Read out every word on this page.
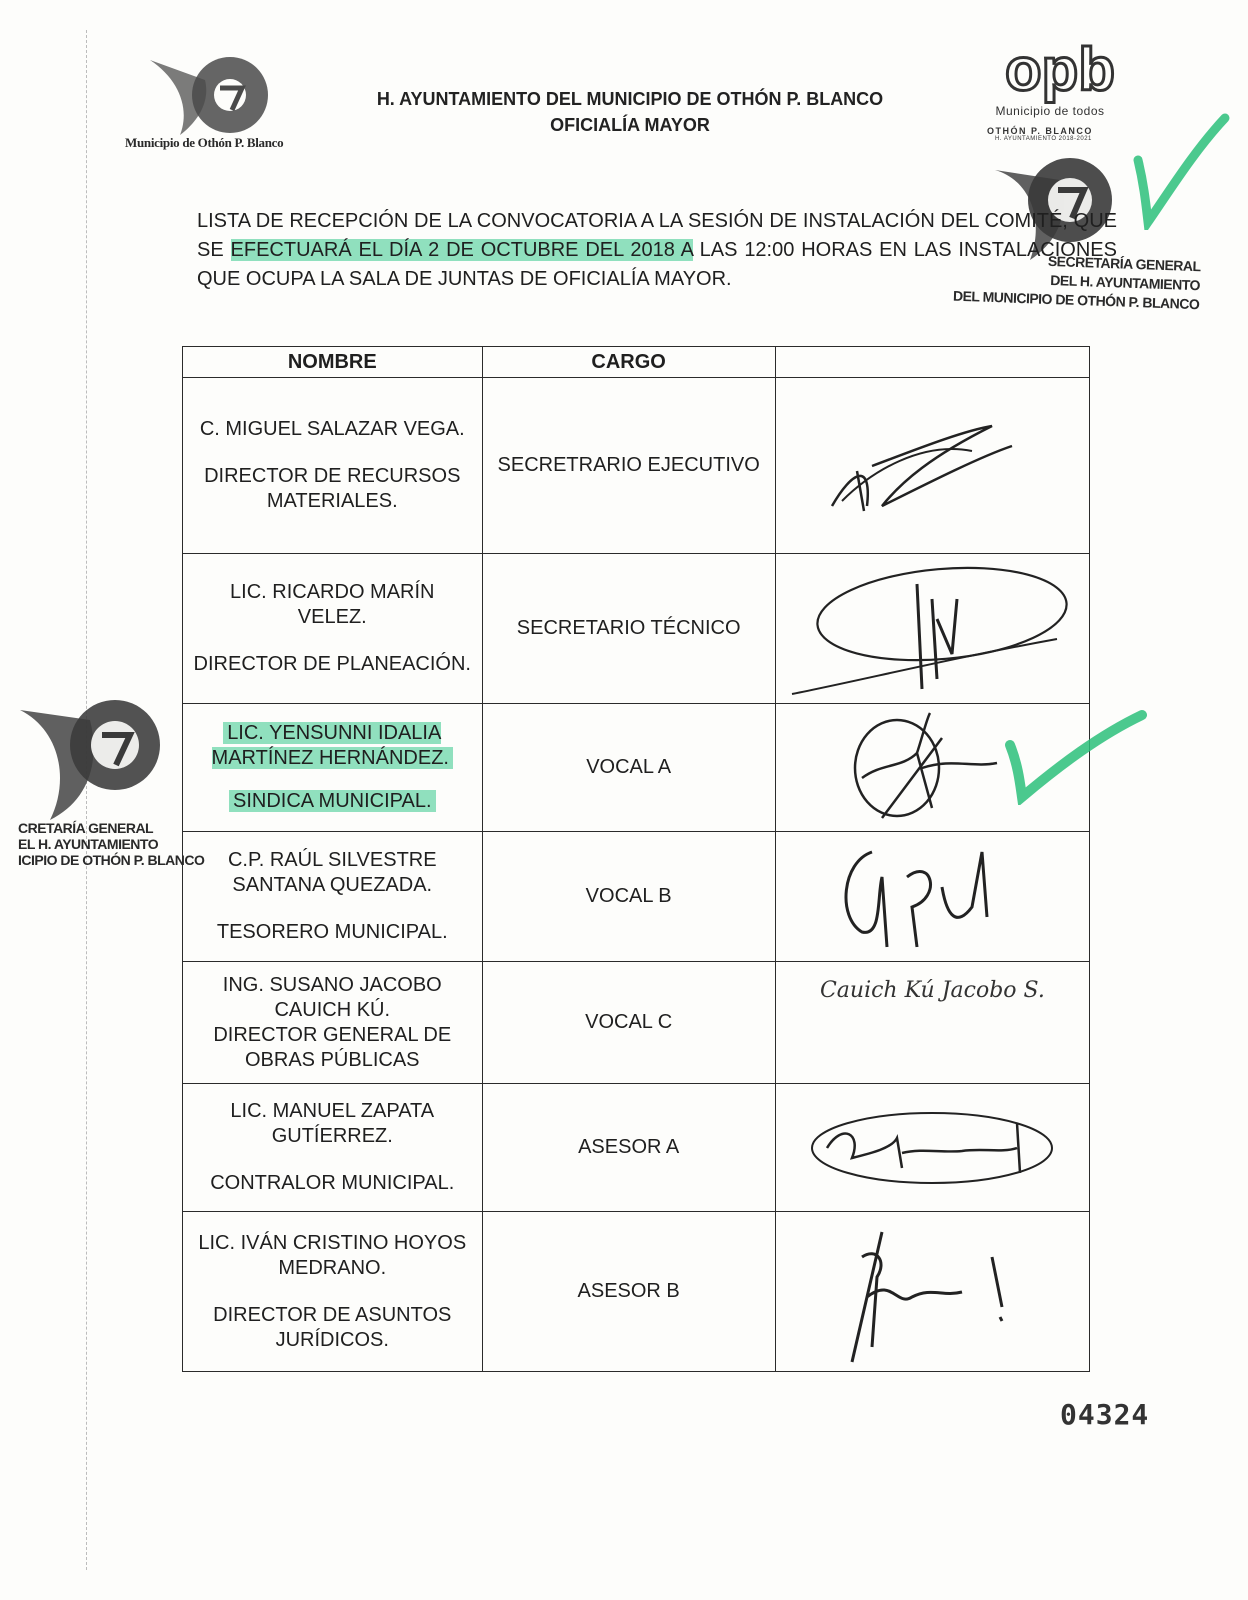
Municipio de Othón P. Blanco
H. AYUNTAMIENTO DEL MUNICIPIO DE OTHÓN P. BLANCO
OFICIALÍA MAYOR
opb
Municipio de todos
OTHÓN P. BLANCO
H. AYUNTAMIENTO 2018-2021
SECRETARÍA GENERAL
DEL H. AYUNTAMIENTO
DEL MUNICIPIO DE OTHÓN P. BLANCO
LISTA DE RECEPCIÓN DE LA CONVOCATORIA A LA SESIÓN DE INSTALACIÓN DEL COMITÉ, QUE SE EFECTUARÁ EL DÍA 2 DE OCTUBRE DEL 2018 A LAS 12:00 HORAS EN LAS INSTALACIONES QUE OCUPA LA SALA DE JUNTAS DE OFICIALÍA MAYOR.
NOMBRE	CARGO	

C. MIGUEL SALAZAR VEGA.
DIRECTOR DE RECURSOS MATERIALES.	SECRETRARIO EJECUTIVO	

LIC. RICARDO MARÍN VELEZ.
DIRECTOR DE PLANEACIÓN.	SECRETARIO TÉCNICO	

LIC. YENSUNNI IDALIA MARTÍNEZ HERNÁNDEZ.
SINDICA MUNICIPAL.	VOCAL A	

C.P. RAÚL SILVESTRE SANTANA QUEZADA.
TESORERO MUNICIPAL.	VOCAL B	

ING. SUSANO JACOBO CAUICH KÚ.
DIRECTOR GENERAL DE OBRAS PÚBLICAS	VOCAL C	Cauich Kú Jacobo S.

LIC. MANUEL ZAPATA GUTÍERREZ.
CONTRALOR MUNICIPAL.	ASESOR A	

LIC. IVÁN CRISTINO HOYOS MEDRANO.
DIRECTOR DE ASUNTOS JURÍDICOS.	ASESOR B	
CRETARÍA GENERAL
EL H. AYUNTAMIENTO
ICIPIO DE OTHÓN P. BLANCO
04324
